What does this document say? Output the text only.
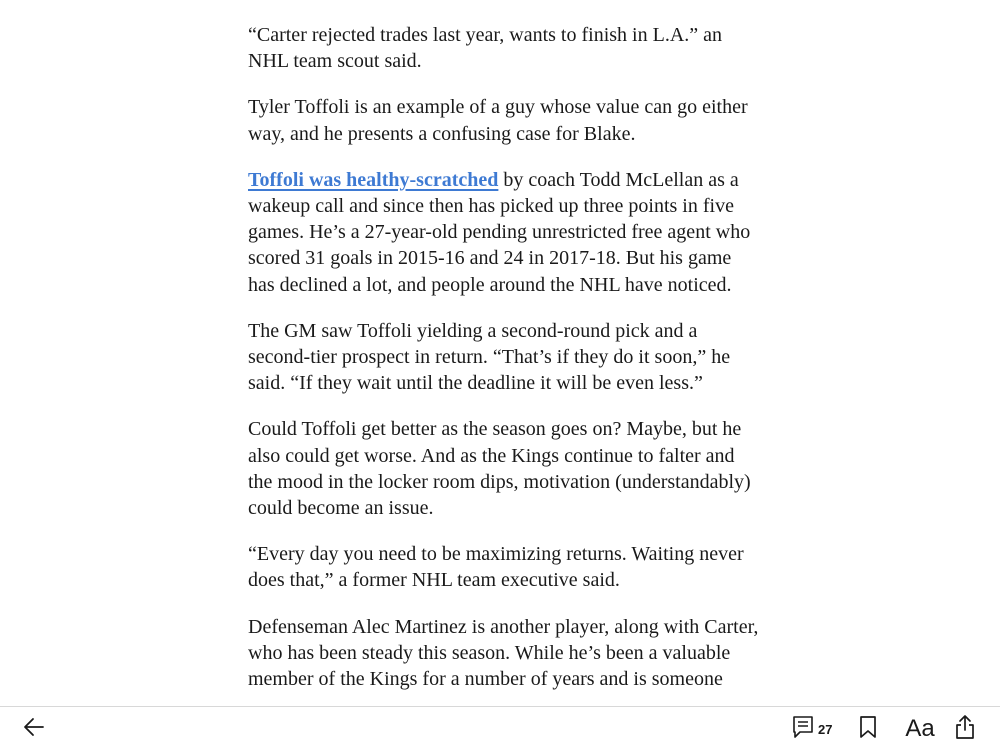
“Carter rejected trades last year, wants to finish in L.A.” an NHL team scout said.

Tyler Toffoli is an example of a guy whose value can go either way, and he presents a confusing case for Blake.

Toffoli was healthy-scratched by coach Todd McLellan as a wakeup call and since then has picked up three points in five games. He’s a 27-year-old pending unrestricted free agent who scored 31 goals in 2015-16 and 24 in 2017-18. But his game has declined a lot, and people around the NHL have noticed.

The GM saw Toffoli yielding a second-round pick and a second-tier prospect in return. “That’s if they do it soon,” he said. “If they wait until the deadline it will be even less.”

Could Toffoli get better as the season goes on? Maybe, but he also could get worse. And as the Kings continue to falter and the mood in the locker room dips, motivation (understandably) could become an issue.

“Every day you need to be maximizing returns. Waiting never does that,” a former NHL team executive said.

Defenseman Alec Martinez is another player, along with Carter, who has been steady this season. While he’s been a valuable member of the Kings for a number of years and is someone

27	Aa
